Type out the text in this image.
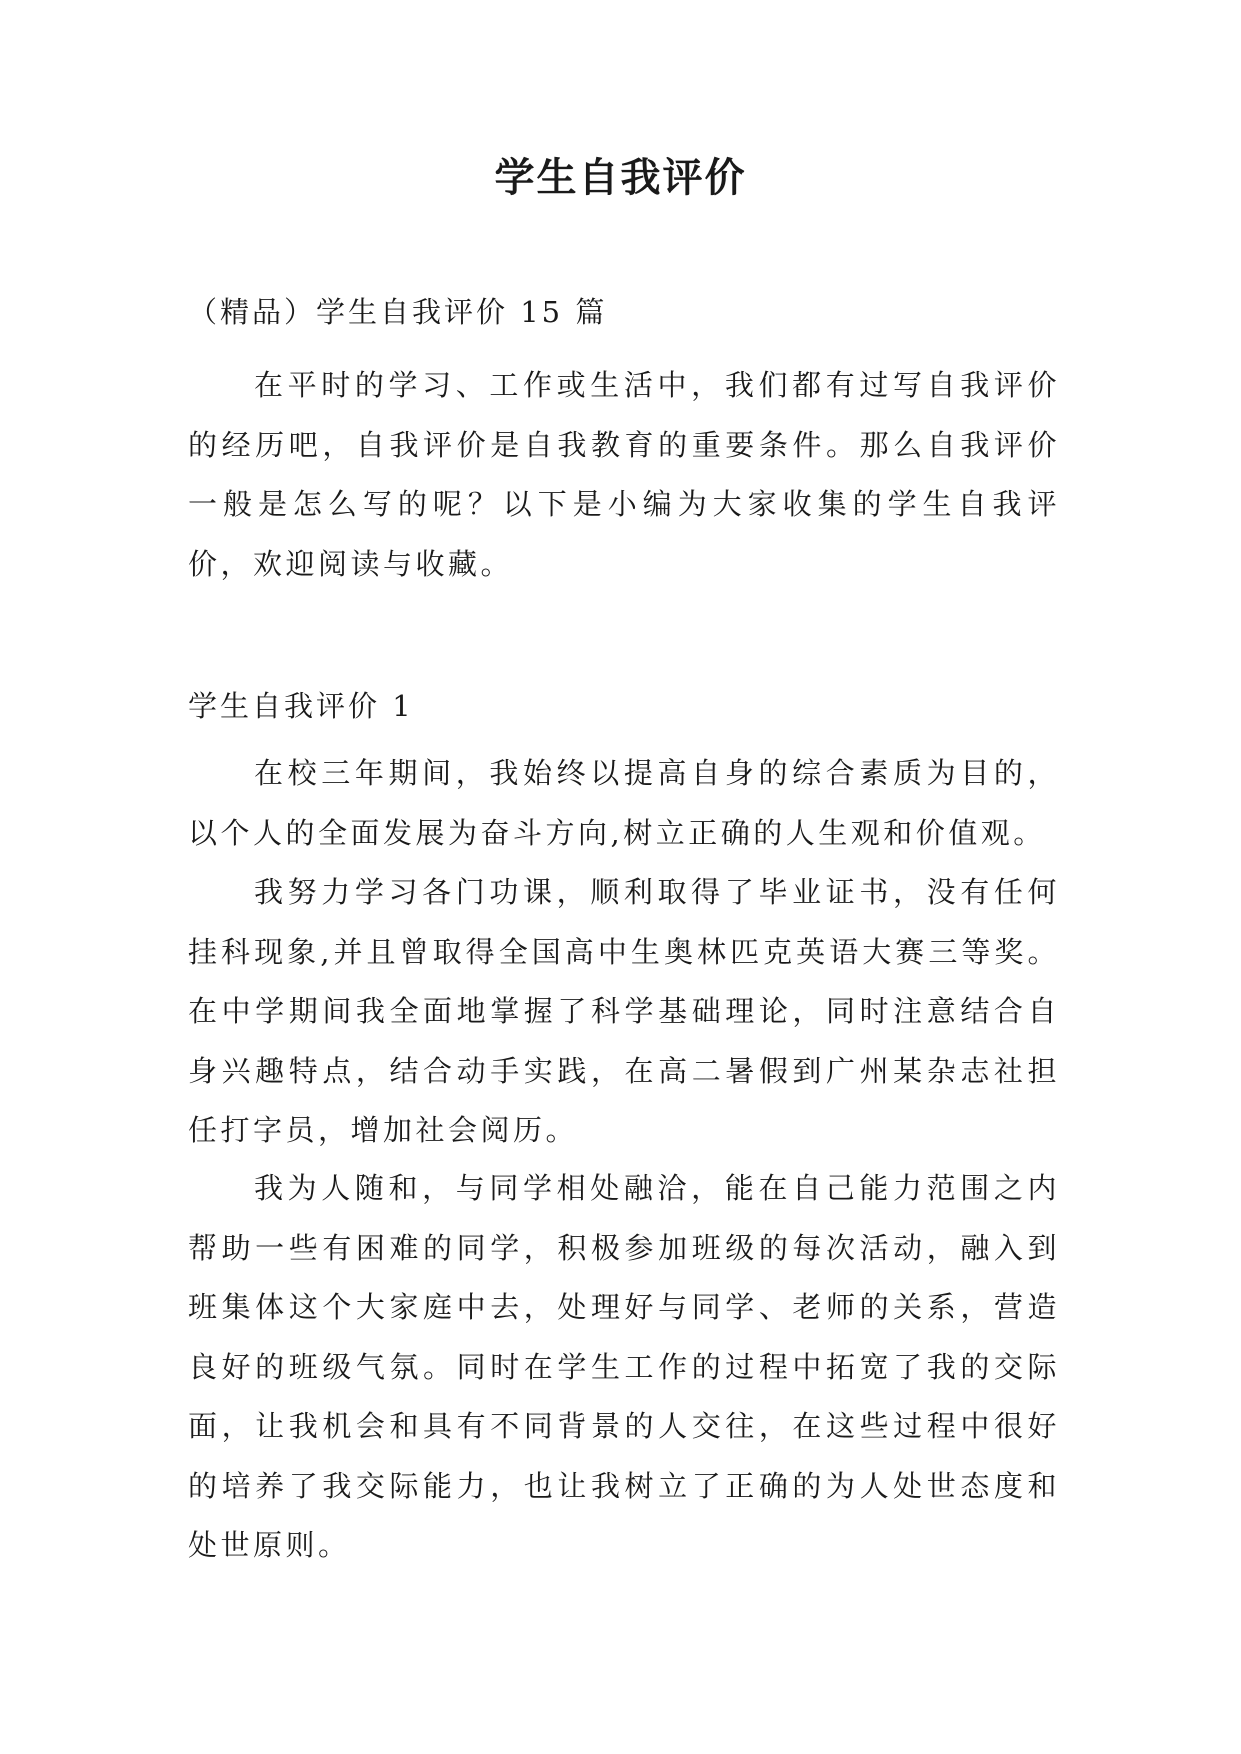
学生自我评价

（精品）学生自我评价 15 篇

在平时的学习、工作或生活中，我们都有过写自我评价的经历吧，自我评价是自我教育的重要条件。那么自我评价一般是怎么写的呢？以下是小编为大家收集的学生自我评价，欢迎阅读与收藏。

学生自我评价 1

在校三年期间，我始终以提高自身的综合素质为目的，以个人的全面发展为奋斗方向,树立正确的人生观和价值观。

我努力学习各门功课，顺利取得了毕业证书，没有任何挂科现象,并且曾取得全国高中生奥林匹克英语大赛三等奖。在中学期间我全面地掌握了科学基础理论，同时注意结合自身兴趣特点，结合动手实践，在高二暑假到广州某杂志社担任打字员，增加社会阅历。

我为人随和，与同学相处融洽，能在自己能力范围之内帮助一些有困难的同学，积极参加班级的每次活动，融入到班集体这个大家庭中去，处理好与同学、老师的关系，营造良好的班级气氛。同时在学生工作的过程中拓宽了我的交际面，让我机会和具有不同背景的人交往，在这些过程中很好的培养了我交际能力，也让我树立了正确的为人处世态度和处世原则。
